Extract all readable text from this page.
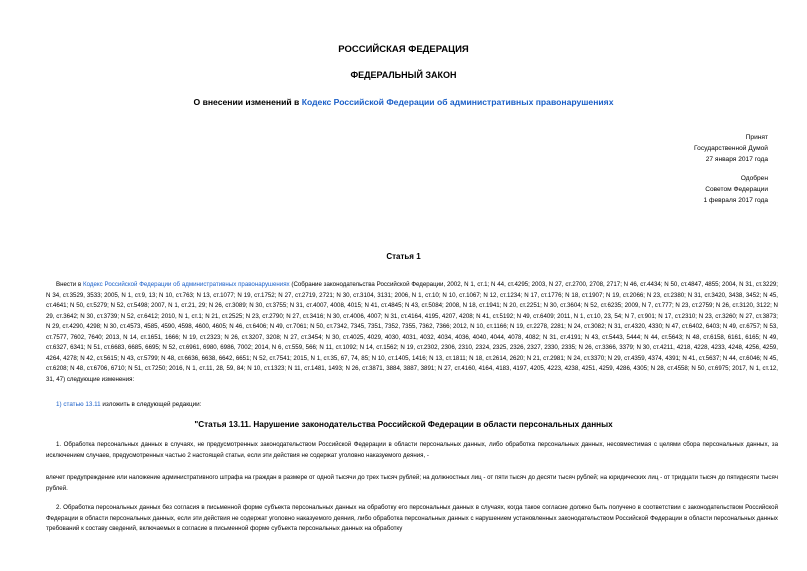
РОССИЙСКАЯ ФЕДЕРАЦИЯ
ФЕДЕРАЛЬНЫЙ ЗАКОН
О внесении изменений в Кодекс Российской Федерации об административных правонарушениях
Принят
Государственной Думой
27 января 2017 года
Одобрен
Советом Федерации
1 февраля 2017 года
Статья 1
Внести в Кодекс Российской Федерации об административных правонарушениях (Собрание законодательства Российской Федерации, 2002, N 1, ст.1; N 44, ст.4295; 2003, N 27, ст.2700, 2708, 2717; N 46, ст.4434; N 50, ст.4847, 4855; 2004, N 31, ст.3229; N 34, ст.3529, 3533; 2005, N 1, ст.9, 13; N 10, ст.763; N 13, ст.1077; N 19, ст.1752; N 27, ст.2719, 2721; N 30, ст.3104, 3131; 2006, N 1, ст.10; N 10, ст.1067; N 12, ст.1234; N 17, ст.1776; N 18, ст.1907; N 19, ст.2066; N 23, ст.2380; N 31, ст.3420, 3438, 3452; N 45, ст.4641; N 50, ст.5279; N 52, ст.5498; 2007, N 1, ст.21, 29; N 26, ст.3089; N 30, ст.3755; N 31, ст.4007, 4008, 4015; N 41, ст.4845; N 43, ст.5084; 2008, N 18, ст.1941; N 20, ст.2251; N 30, ст.3604; N 52, ст.6235; 2009, N 7, ст.777; N 23, ст.2759; N 26, ст.3120, 3122; N 29, ст.3642; N 30, ст.3739; N 52, ст.6412; 2010, N 1, ст.1; N 21, ст.2525; N 23, ст.2790; N 27, ст.3416; N 30, ст.4006, 4007; N 31, ст.4164, 4195, 4207, 4208; N 41, ст.5192; N 49, ст.6409; 2011, N 1, ст.10, 23, 54; N 7, ст.901; N 17, ст.2310; N 23, ст.3260; N 27, ст.3873; N 29, ст.4290, 4298; N 30, ст.4573, 4585, 4590, 4598, 4600, 4605; N 46, ст.6406; N 49, ст.7061; N 50, ст.7342, 7345, 7351, 7352, 7355, 7362, 7366; 2012, N 10, ст.1166; N 19, ст.2278, 2281; N 24, ст.3082; N 31, ст.4320, 4330; N 47, ст.6402, 6403; N 49, ст.6757; N 53, ст.7577, 7602, 7640; 2013, N 14, ст.1651, 1666; N 19, ст.2323; N 26, ст.3207, 3208; N 27, ст.3454; N 30, ст.4025, 4029, 4030, 4031, 4032, 4034, 4036, 4040, 4044, 4078, 4082; N 31, ст.4191; N 43, ст.5443, 5444; N 44, ст.5643; N 48, ст.6158, 6161, 6165; N 49, ст.6327, 6341; N 51, ст.6683, 6685, 6695; N 52, ст.6961, 6980, 6986, 7002; 2014, N 6, ст.559, 566; N 11, ст.1092; N 14, ст.1562; N 19, ст.2302, 2306, 2310, 2324, 2325, 2326, 2327, 2330, 2335; N 26, ст.3366, 3379; N 30, ст.4211, 4218, 4228, 4233, 4248, 4256, 4259, 4264, 4278; N 42, ст.5615; N 43, ст.5799; N 48, ст.6636, 6638, 6642, 6651; N 52, ст.7541; 2015, N 1, ст.35, 67, 74, 85; N 10, ст.1405, 1416; N 13, ст.1811; N 18, ст.2614, 2620; N 21, ст.2981; N 24, ст.3370; N 29, ст.4359, 4374, 4391; N 41, ст.5637; N 44, ст.6046; N 45, ст.6208; N 48, ст.6706, 6710; N 51, ст.7250; 2016, N 1, ст.11, 28, 59, 84; N 10, ст.1323; N 11, ст.1481, 1493; N 26, ст.3871, 3884, 3887, 3891; N 27, ст.4160, 4164, 4183, 4197, 4205, 4223, 4238, 4251, 4259, 4286, 4305; N 28, ст.4558; N 50, ст.6975; 2017, N 1, ст.12, 31, 47) следующие изменения:
1) статью 13.11 изложить в следующей редакции:
"Статья 13.11. Нарушение законодательства Российской Федерации в области персональных данных
1. Обработка персональных данных в случаях, не предусмотренных законодательством Российской Федерации в области персональных данных, либо обработка персональных данных, несовместимая с целями сбора персональных данных, за исключением случаев, предусмотренных частью 2 настоящей статьи, если эти действия не содержат уголовно наказуемого деяния, -
влечет предупреждение или наложение административного штрафа на граждан в размере от одной тысячи до трех тысяч рублей; на должностных лиц - от пяти тысяч до десяти тысяч рублей; на юридических лиц - от тридцати тысяч до пятидесяти тысяч рублей.
2. Обработка персональных данных без согласия в письменной форме субъекта персональных данных на обработку его персональных данных в случаях, когда такое согласие должно быть получено в соответствии с законодательством Российской Федерации в области персональных данных, если эти действия не содержат уголовно наказуемого деяния, либо обработка персональных данных с нарушением установленных законодательством Российской Федерации в области персональных данных требований к составу сведений, включаемых в согласие в письменной форме субъекта персональных данных на обработку
